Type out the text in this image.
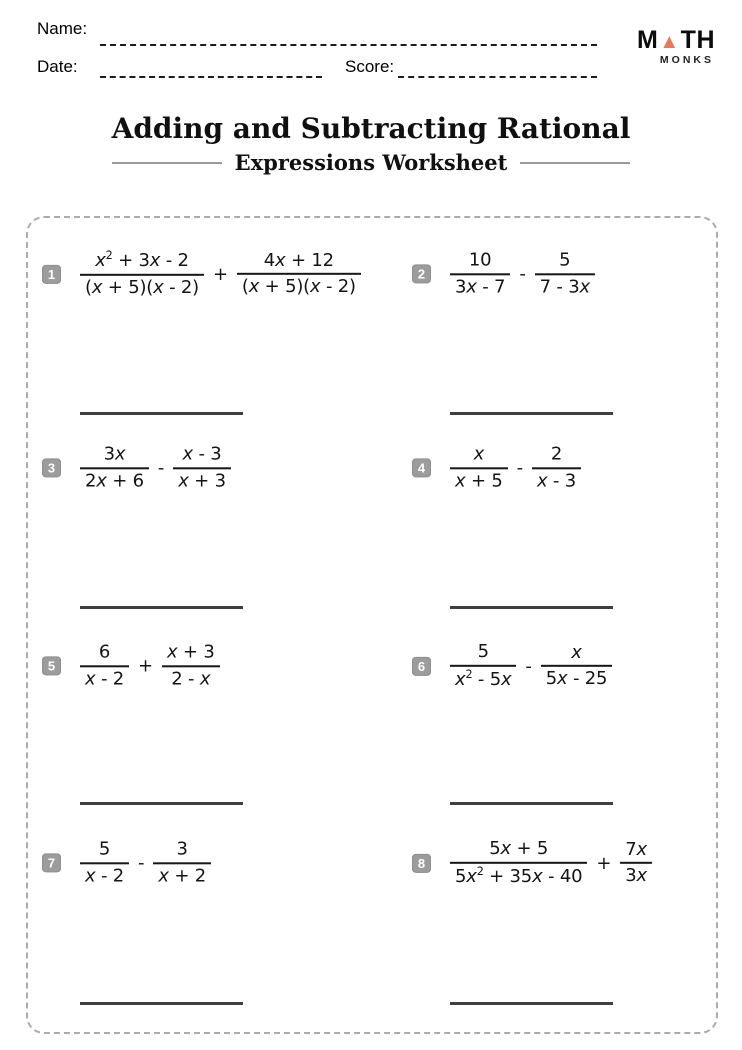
Name:
Date:	Score:
M ▲ TH
MONKS
Adding and Subtracting Rational
Expressions Worksheet
1	$\frac{x^2 + 3x - 2}{(x + 5)(x - 2)} + \frac{4x + 12}{(x + 5)(x - 2)}$	2	$\frac{10}{3x - 7} - \frac{5}{7 - 3x}$
3	$\frac{3x}{2x + 6} - \frac{x - 3}{x + 3}$	4	$\frac{x}{x + 5} - \frac{2}{x - 3}$
5	$\frac{6}{x - 2} + \frac{x + 3}{2 - x}$	6	$\frac{5}{x^2 - 5x} - \frac{x}{5x - 25}$
7	$\frac{5}{x - 2} - \frac{3}{x + 2}$	8	$\frac{5x + 5}{5x^2 + 35x - 40} + \frac{7x}{3x}$
